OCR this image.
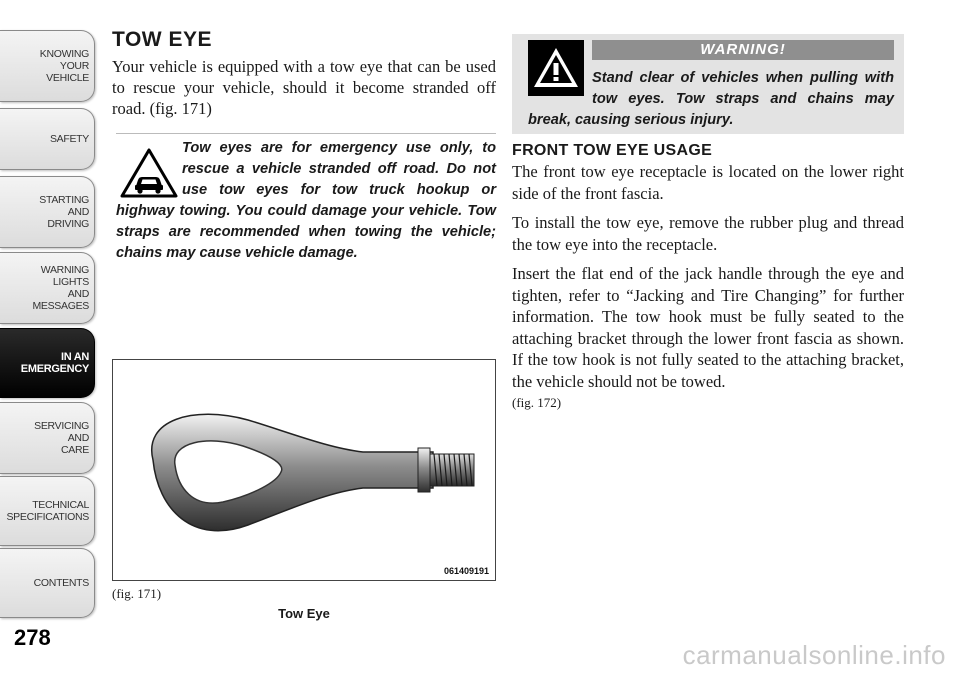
KNOWING
YOUR
VEHICLE
SAFETY
STARTING
AND
DRIVING
WARNING
LIGHTS
AND
MESSAGES
IN AN
EMERGENCY
SERVICING
AND
CARE
TECHNICAL
SPECIFICATIONS
CONTENTS
278
TOW EYE

Your vehicle is equipped with a tow eye that can be used to rescue your vehicle, should it become stranded off road. (fig. 171)

Tow eyes are for emergency use only, to rescue a vehicle stranded off road. Do not use tow eyes for tow truck hookup or highway towing. You could damage your vehicle. Tow straps are recommended when towing the vehicle; chains may cause vehicle damage.

061409191
(fig. 171)
Tow Eye
WARNING!

Stand clear of vehicles when pulling with tow eyes. Tow straps and chains may break, causing serious injury.

FRONT TOW EYE USAGE

The front tow eye receptacle is located on the lower right side of the front fascia.

To install the tow eye, remove the rubber plug and thread the tow eye into the receptacle.

Insert the flat end of the jack handle through the eye and tighten, refer to “Jacking and Tire Changing” for further information. The tow hook must be fully seated to the attaching bracket through the lower front fascia as shown. If the tow hook is not fully seated to the attaching bracket, the vehicle should not be towed.

(fig. 172)
carmanualsonline.info
